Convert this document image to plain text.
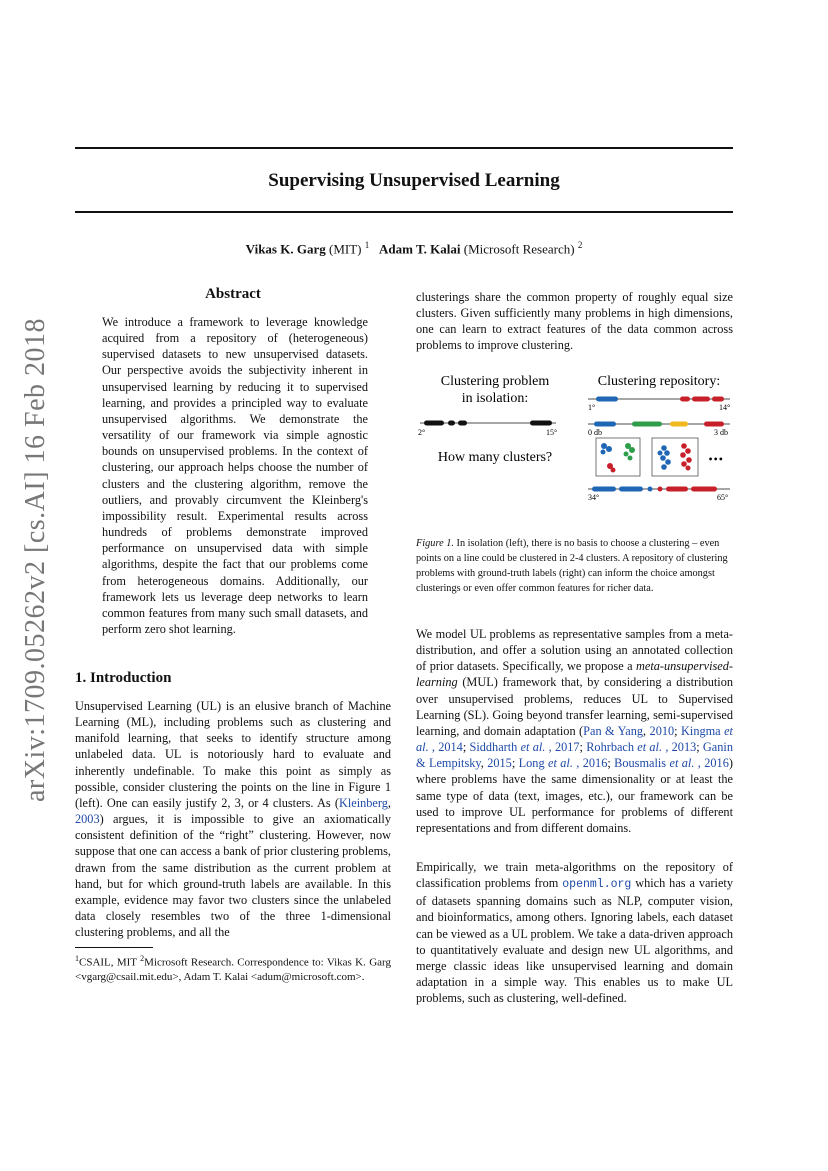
Supervising Unsupervised Learning
Vikas K. Garg (MIT) $^1$ Adam T. Kalai (Microsoft Research) $^2$
arXiv:1709.05262v2 [cs.AI] 16 Feb 2018
Abstract
We introduce a framework to leverage knowledge acquired from a repository of (heterogeneous) supervised datasets to new unsupervised datasets. Our perspective avoids the subjectivity inherent in unsupervised learning by reducing it to supervised learning, and provides a principled way to evaluate unsupervised algorithms. We demonstrate the versatility of our framework via simple agnostic bounds on unsupervised problems. In the context of clustering, our approach helps choose the number of clusters and the clustering algorithm, remove the outliers, and provably circumvent the Kleinberg's impossibility result. Experimental results across hundreds of problems demonstrate improved performance on unsupervised data with simple algorithms, despite the fact that our problems come from heterogeneous domains. Additionally, our framework lets us leverage deep networks to learn common features from many such small datasets, and perform zero shot learning.
1. Introduction
Unsupervised Learning (UL) is an elusive branch of Machine Learning (ML), including problems such as clustering and manifold learning, that seeks to identify structure among unlabeled data. UL is notoriously hard to evaluate and inherently undefinable. To make this point as simply as possible, consider clustering the points on the line in Figure 1 (left). One can easily justify 2, 3, or 4 clusters. As (Kleinberg, 2003) argues, it is impossible to give an axiomatically consistent definition of the “right” clustering. However, now suppose that one can access a bank of prior clustering problems, drawn from the same distribution as the current problem at hand, but for which ground-truth labels are available. In this example, evidence may favor two clusters since the unlabeled data closely resembles two of the three 1-dimensional clustering problems, and all the
$^1$CSAIL, MIT $^2$Microsoft Research. Correspondence to: Vikas K. Garg <vgarg@csail.mit.edu>, Adam T. Kalai <adum@microsoft.com>.
clusterings share the common property of roughly equal size clusters. Given sufficiently many problems in high dimensions, one can learn to extract features of the data common across problems to improve clustering.
Clustering problem
in isolation:
2°	15°
How many clusters?
Clustering repository:
1°	14°
0 db	3 db
•••
34°	65°
Figure 1. In isolation (left), there is no basis to choose a clustering – even points on a line could be clustered in 2-4 clusters. A repository of clustering problems with ground-truth labels (right) can inform the choice amongst clusterings or even offer common features for richer data.
We model UL problems as representative samples from a meta-distribution, and offer a solution using an annotated collection of prior datasets. Specifically, we propose a meta-unsupervised-learning (MUL) framework that, by considering a distribution over unsupervised problems, reduces UL to Supervised Learning (SL). Going beyond transfer learning, semi-supervised learning, and domain adaptation (Pan & Yang, 2010; Kingma et al. , 2014; Siddharth et al. , 2017; Rohrbach et al. , 2013; Ganin & Lempitsky, 2015; Long et al. , 2016; Bousmalis et al. , 2016) where problems have the same dimensionality or at least the same type of data (text, images, etc.), our framework can be used to improve UL performance for problems of different representations and from different domains.
Empirically, we train meta-algorithms on the repository of classification problems from openml.org which has a variety of datasets spanning domains such as NLP, computer vision, and bioinformatics, among others. Ignoring labels, each dataset can be viewed as a UL problem. We take a data-driven approach to quantitatively evaluate and design new UL algorithms, and merge classic ideas like unsupervised learning and domain adaptation in a simple way. This enables us to make UL problems, such as clustering, well-defined.
